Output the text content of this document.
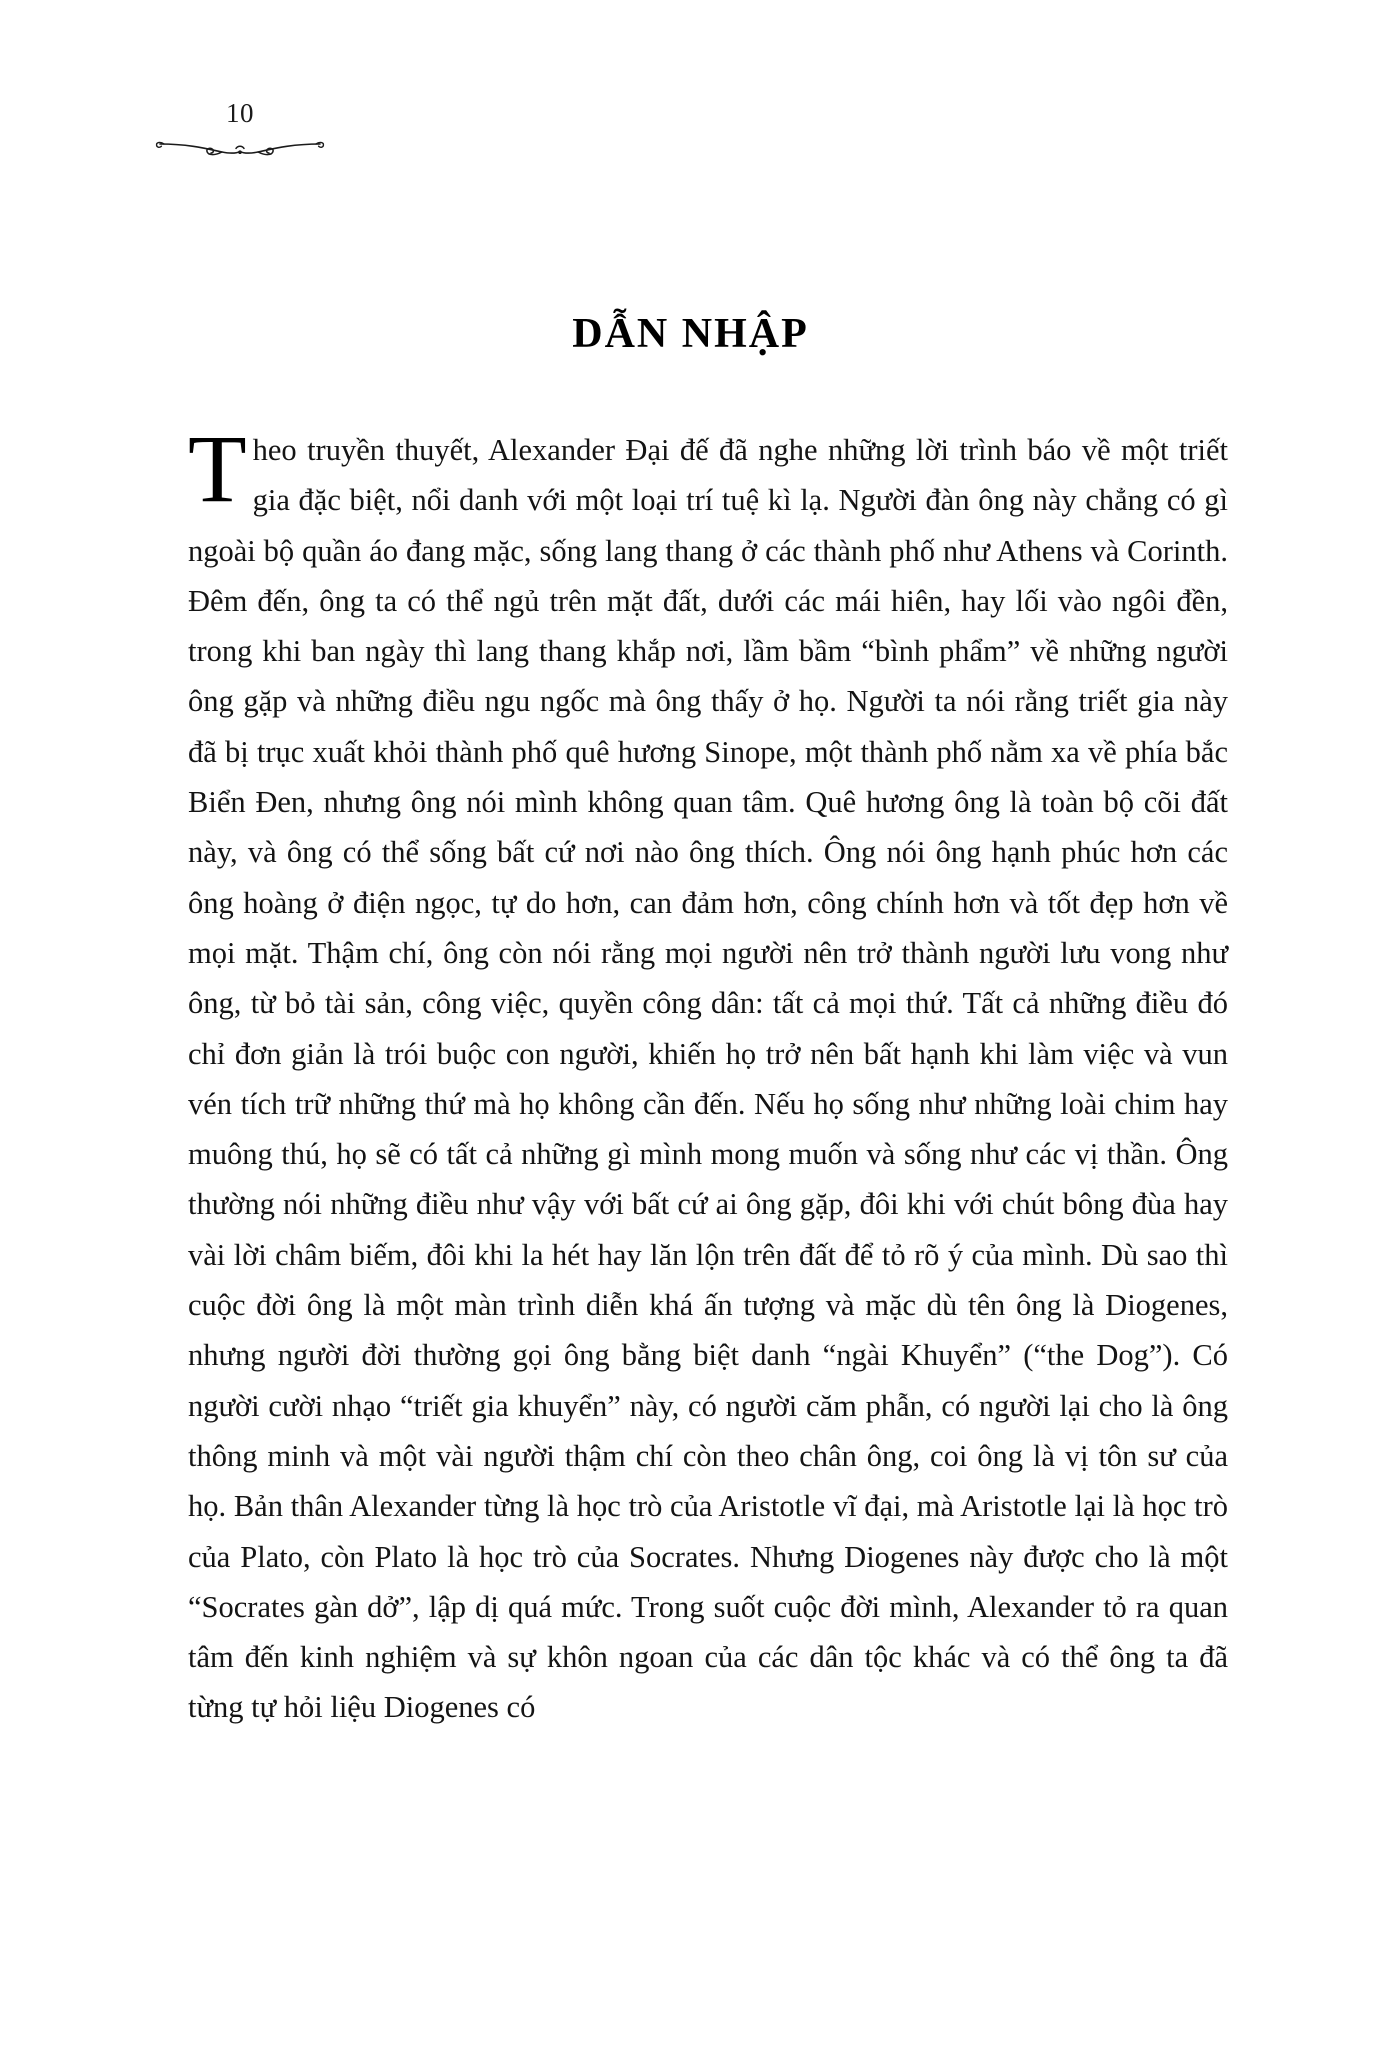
10
DẪN NHẬP

Theo truyền thuyết, Alexander Đại đế đã nghe những lời trình báo về một triết gia đặc biệt, nổi danh với một loại trí tuệ kì lạ. Người đàn ông này chẳng có gì ngoài bộ quần áo đang mặc, sống lang thang ở các thành phố như Athens và Corinth. Đêm đến, ông ta có thể ngủ trên mặt đất, dưới các mái hiên, hay lối vào ngôi đền, trong khi ban ngày thì lang thang khắp nơi, lầm bầm “bình phẩm” về những người ông gặp và những điều ngu ngốc mà ông thấy ở họ. Người ta nói rằng triết gia này đã bị trục xuất khỏi thành phố quê hương Sinope, một thành phố nằm xa về phía bắc Biển Đen, nhưng ông nói mình không quan tâm. Quê hương ông là toàn bộ cõi đất này, và ông có thể sống bất cứ nơi nào ông thích. Ông nói ông hạnh phúc hơn các ông hoàng ở điện ngọc, tự do hơn, can đảm hơn, công chính hơn và tốt đẹp hơn về mọi mặt. Thậm chí, ông còn nói rằng mọi người nên trở thành người lưu vong như ông, từ bỏ tài sản, công việc, quyền công dân: tất cả mọi thứ. Tất cả những điều đó chỉ đơn giản là trói buộc con người, khiến họ trở nên bất hạnh khi làm việc và vun vén tích trữ những thứ mà họ không cần đến. Nếu họ sống như những loài chim hay muông thú, họ sẽ có tất cả những gì mình mong muốn và sống như các vị thần. Ông thường nói những điều như vậy với bất cứ ai ông gặp, đôi khi với chút bông đùa hay vài lời châm biếm, đôi khi la hét hay lăn lộn trên đất để tỏ rõ ý của mình. Dù sao thì cuộc đời ông là một màn trình diễn khá ấn tượng và mặc dù tên ông là Diogenes, nhưng người đời thường gọi ông bằng biệt danh “ngài Khuyển” (“the Dog”). Có người cười nhạo “triết gia khuyển” này, có người căm phẫn, có người lại cho là ông thông minh và một vài người thậm chí còn theo chân ông, coi ông là vị tôn sư của họ. Bản thân Alexander từng là học trò của Aristotle vĩ đại, mà Aristotle lại là học trò của Plato, còn Plato là học trò của Socrates. Nhưng Diogenes này được cho là một “Socrates gàn dở”, lập dị quá mức. Trong suốt cuộc đời mình, Alexander tỏ ra quan tâm đến kinh nghiệm và sự khôn ngoan của các dân tộc khác và có thể ông ta đã từng tự hỏi liệu Diogenes có
